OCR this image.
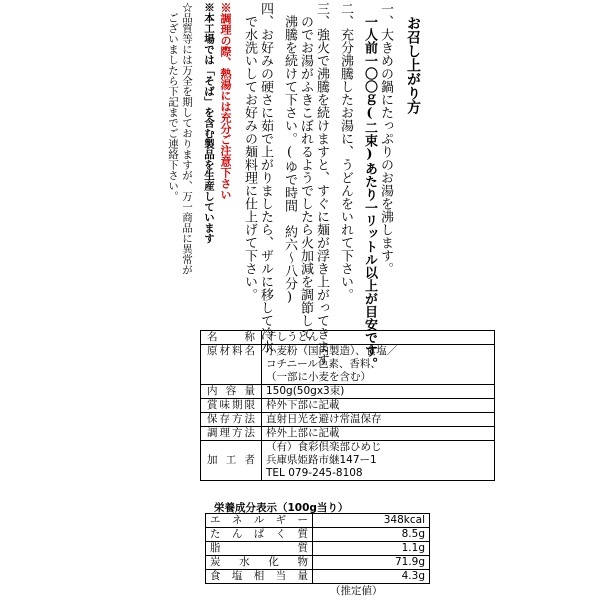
お召し上がり方
一、大きめの鍋にたっぷりのお湯を沸します。
　一人前一〇〇ｇ(二束)あたり一リットル以上が目安です。
二、充分沸騰したお湯に、うどんをいれて下さい。
三、強火で沸騰を続けますと、すぐに麺が浮き上がってきます
　のでお湯がふきこぼれるようでしたら火加減を調節して
　沸騰を続けて下さい。(ゆで時間　約六〜八分)
四、お好みの硬さに茹で上がりましたら、ザルに移して冷水
　で水洗いしてお好みの麺料理に仕上げて下さい。
※調理の際、熱湯には充分ご注意下さい
※本工場では「そば」を含む製品を生産しています
☆品質等には万全を期しておりますが、万一商品に異常が
　ございましたら下記までご連絡下さい。
名　称	干しうどん
原材料名	小麦粉（国内製造）、食塩／
コチニール色素、香料、
（一部に小麦を含む）

内容量	150g(50gx3束)
賞味期限	枠外下部に記載
保存方法	直射日光を避け常温保存
調理方法	枠外上部に記載
加工者	（有）食彩倶楽部ひめじ
兵庫県姫路市継147ー1
TEL 079-245-8108
栄養成分表示（100g当り）
エネルギー	348kcal
たんぱく質	8.5g
脂質	1.1g
炭水化物	71.9g
食塩相当量	4.3g
（推定値）
